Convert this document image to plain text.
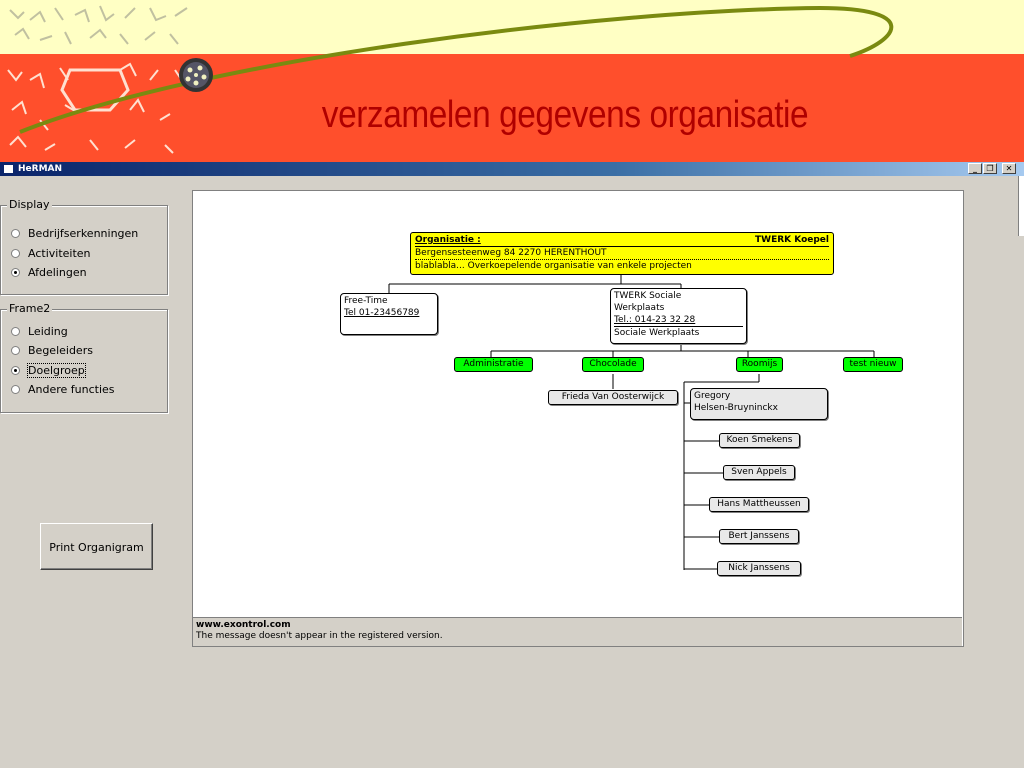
verzamelen gegevens organisatie
HeRMAN	_	❐	✕
Display
Bedrijfserkenningen
Activiteiten
Afdelingen
Frame2
Leiding
Begeleiders
Doelgroep
Andere functies
Print Organigram
Organisatie :	TWERK Koepel
Bergensesteenweg 84 2270 HERENTHOUT
blablabla... Overkoepelende organisatie van enkele projecten
Free-Time
Tel 01-23456789
TWERK Sociale
Werkplaats
Tel.: 014-23 32 28
Sociale Werkplaats
Administratie	Chocolade	Roomijs	test nieuw
Frieda Van Oosterwijck	Gregory
Helsen-Bruyninckx
Koen Smekens
Sven Appels
Hans Mattheussen
Bert Janssens
Nick Janssens
www.exontrol.com
The message doesn't appear in the registered version.
